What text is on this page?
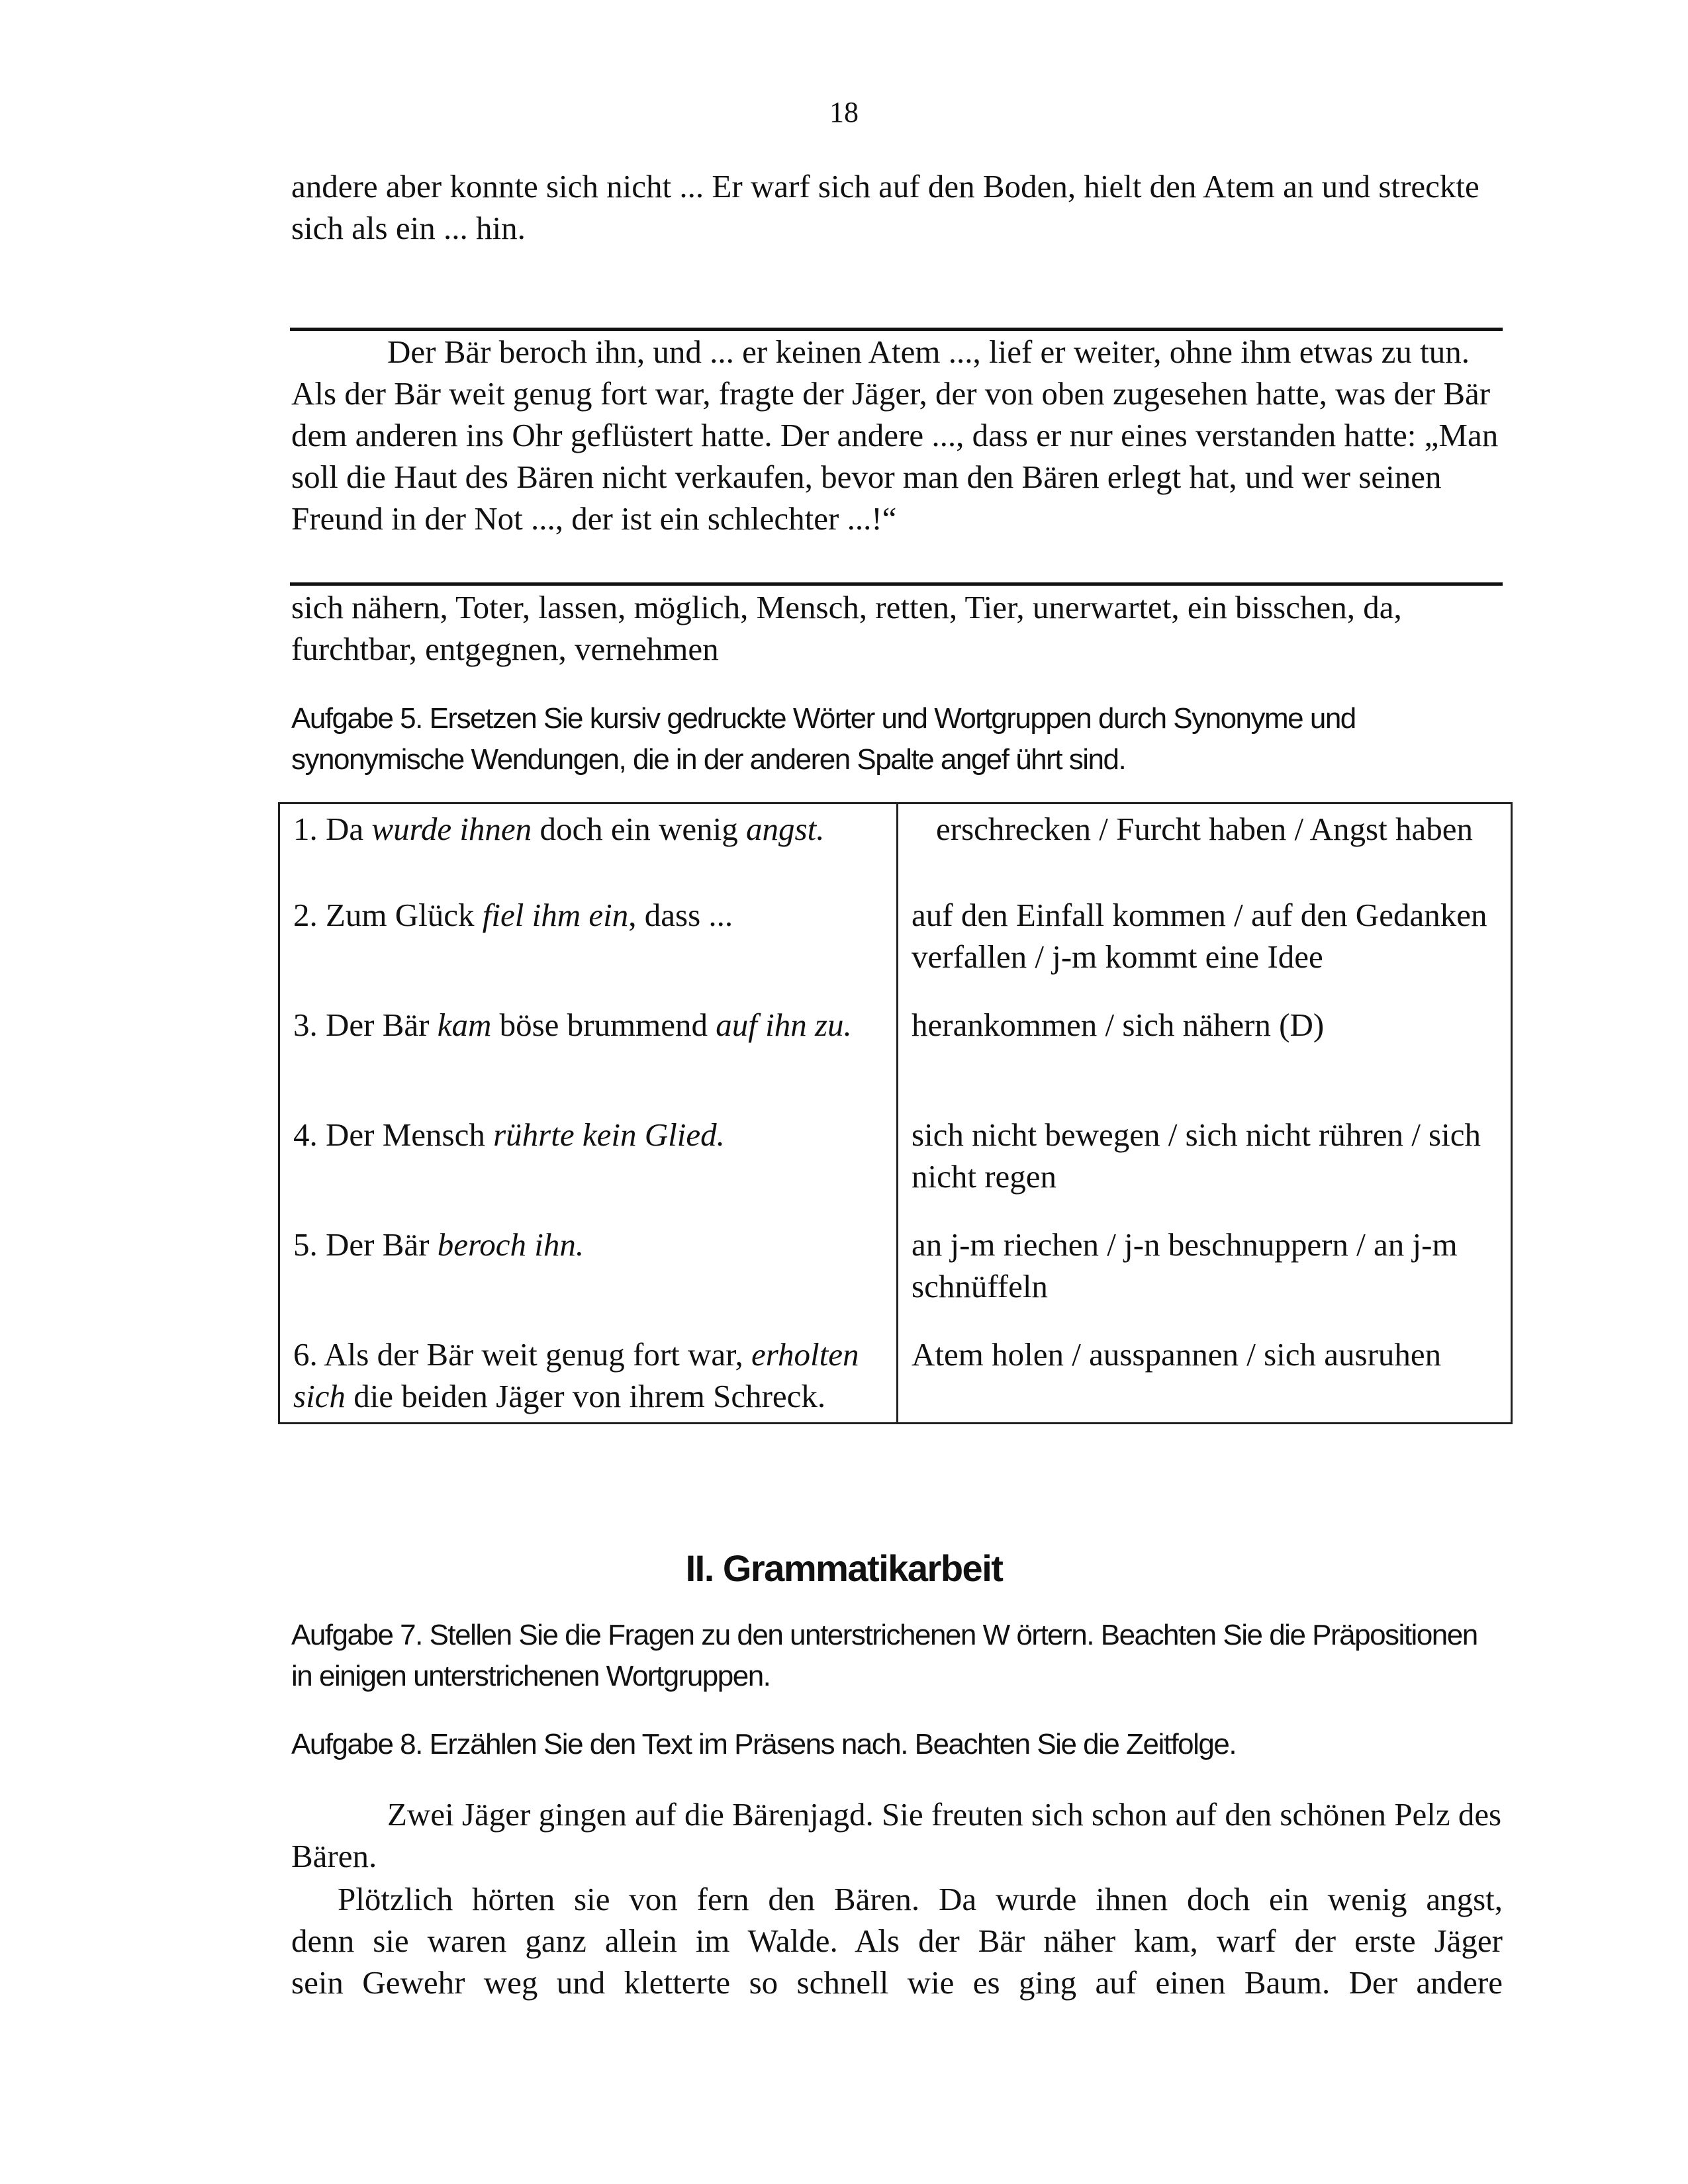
18
andere aber konnte sich nicht ... Er warf sich auf den Boden, hielt den Atem an und streckte sich als ein ... hin.
Der Bär beroch ihn, und ... er keinen Atem ..., lief er weiter, ohne ihm etwas zu tun. Als der Bär weit genug fort war, fragte der Jäger, der von oben zugesehen hatte, was der Bär dem anderen ins Ohr geflüstert hatte. Der andere ..., dass er nur eines verstanden hatte: „Man soll die Haut des Bären nicht verkaufen, bevor man den Bären erlegt hat, und wer seinen Freund in der Not ..., der ist ein schlechter ...!“
sich nähern, Toter, lassen, möglich, Mensch, retten, Tier, unerwartet, ein bisschen, da, furchtbar, entgegnen, vernehmen
Aufgabe 5. Ersetzen Sie kursiv gedruckte Wörter und Wortgruppen durch Synonyme und synonymische Wendungen, die in der anderen Spalte angef ührt sind.
1. Da wurde ihnen doch ein wenig angst.	erschrecken / Furcht haben / Angst haben
2. Zum Glück fiel ihm ein, dass ...	auf den Einfall kommen / auf den Gedanken verfallen / j-m kommt eine Idee
3. Der Bär kam böse brummend auf ihn zu.	herankommen / sich nähern (D)
4. Der Mensch rührte kein Glied.	sich nicht bewegen / sich nicht rühren / sich nicht regen
5. Der Bär beroch ihn.	an j-m riechen / j-n beschnuppern / an j-m schnüffeln
6. Als der Bär weit genug fort war, erholten sich die beiden Jäger von ihrem Schreck.	Atem holen / ausspannen / sich ausruhen
II. Grammatikarbeit
Aufgabe 7. Stellen Sie die Fragen zu den unterstrichenen W örtern. Beachten Sie die Präpositionen in einigen unterstrichenen Wortgruppen.
Aufgabe 8. Erzählen Sie den Text im Präsens nach. Beachten Sie die Zeitfolge.
Zwei Jäger gingen auf die Bärenjagd. Sie freuten sich schon auf den schönen Pelz des Bären.
Plötzlich hörten sie von fern den Bären. Da wurde ihnen doch ein wenig angst,
denn sie waren ganz allein im Walde. Als der Bär näher kam, warf der erste Jäger
sein Gewehr weg und kletterte so schnell wie es ging auf einen Baum. Der andere
